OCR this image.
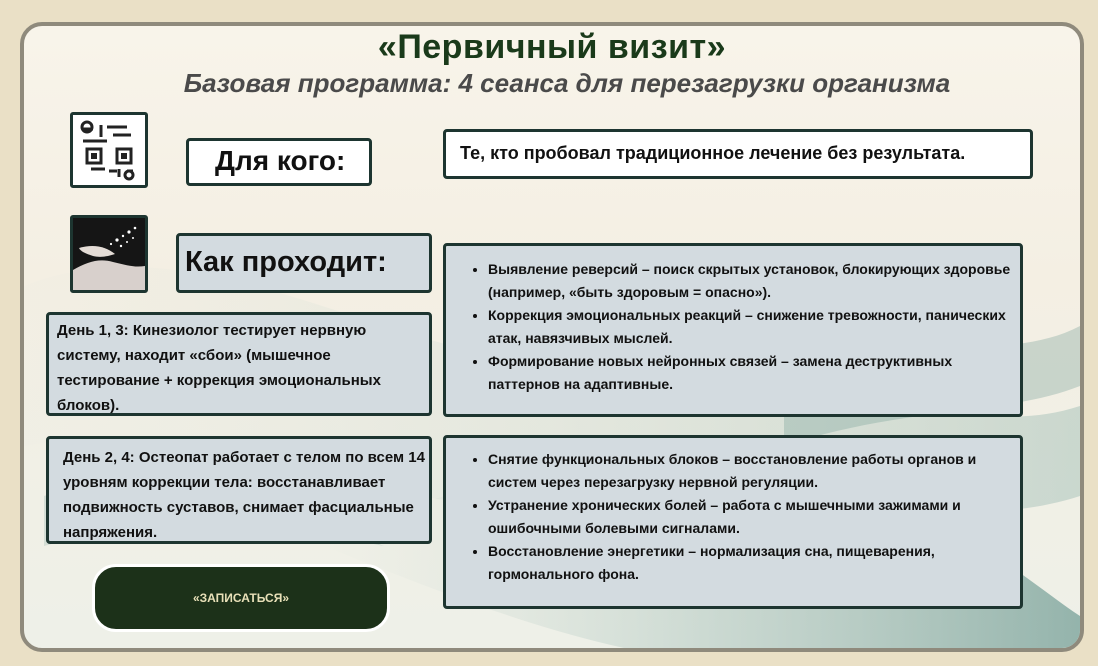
«Первичный визит»
Базовая программа: 4 сеанса для перезагрузки организма
Для кого:	Те, кто пробовал традиционное лечение без результата.
Как проходит:
День 1, 3: Кинезиолог тестирует нервную систему, находит «сбои» (мышечное тестирование + коррекция эмоциональных блоков).
• Выявление реверсий – поиск скрытых установок, блокирующих здоровье (например, «быть здоровым = опасно»).
• Коррекция эмоциональных реакций – снижение тревожности, панических атак, навязчивых мыслей.
• Формирование новых нейронных связей – замена деструктивных паттернов на адаптивные.
День 2, 4: Остеопат работает с телом по всем 14 уровням коррекции тела: восстанавливает подвижность суставов, снимает фасциальные напряжения.
• Снятие функциональных блоков – восстановление работы органов и систем через перезагрузку нервной регуляции.
• Устранение хронических болей – работа с мышечными зажимами и ошибочными болевыми сигналами.
• Восстановление энергетики – нормализация сна, пищеварения, гормонального фона.
«ЗАПИСАТЬСЯ»
